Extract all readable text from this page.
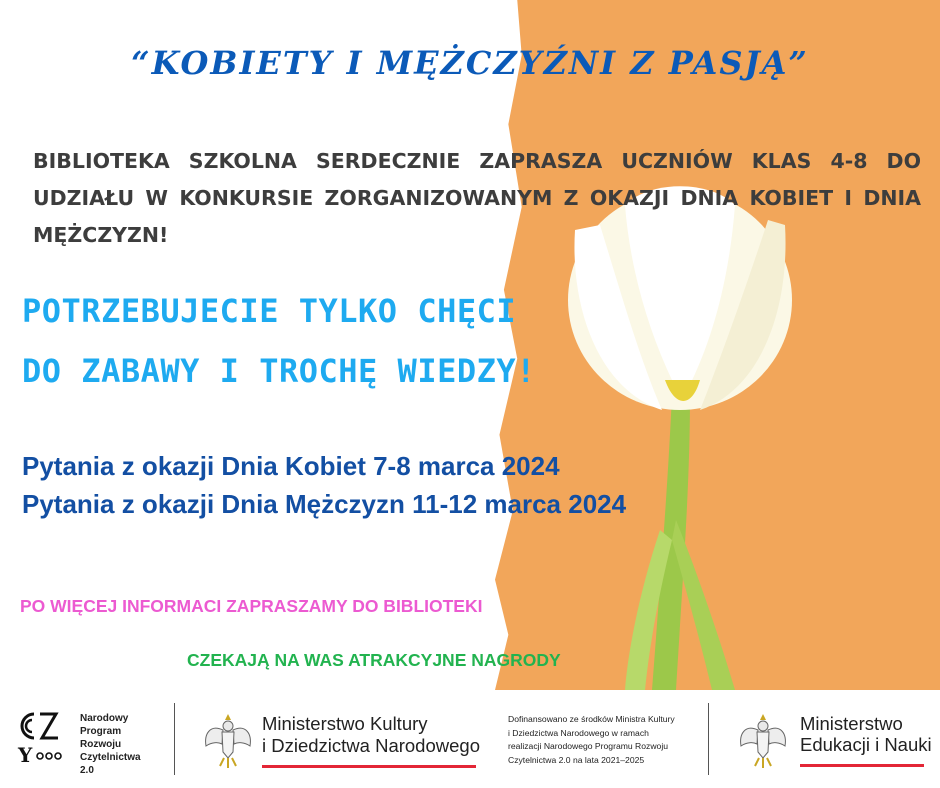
“KOBIETY I MĘŻCZYŹNI Z PASJĄ”
BIBLIOTEKA SZKOLNA SERDECZNIE ZAPRASZA UCZNIÓW KLAS 4-8 DO UDZIAŁU W KONKURSIE ZORGANIZOWANYM Z OKAZJI DNIA KOBIET I DNIA MĘŻCZYZN!
POTRZEBUJECIE TYLKO CHĘCI
DO ZABAWY I TROCHĘ WIEDZY!
Pytania z okazji Dnia Kobiet 7-8 marca 2024
Pytania z okazji Dnia Mężczyzn 11-12 marca 2024
PO WIĘCEJ INFORMACI ZAPRASZAMY DO BIBLIOTEKI
CZEKAJĄ NA WAS ATRAKCYJNE NAGRODY
Y
Narodowy
Program
Rozwoju
Czytelnictwa
2.0
Ministerstwo Kultury
i Dziedzictwa Narodowego
Dofinansowano ze środków Ministra Kultury
i Dziedzictwa Narodowego w ramach
realizacji Narodowego Programu Rozwoju
Czytelnictwa 2.0 na lata 2021–2025
Ministerstwo
Edukacji i Nauki
